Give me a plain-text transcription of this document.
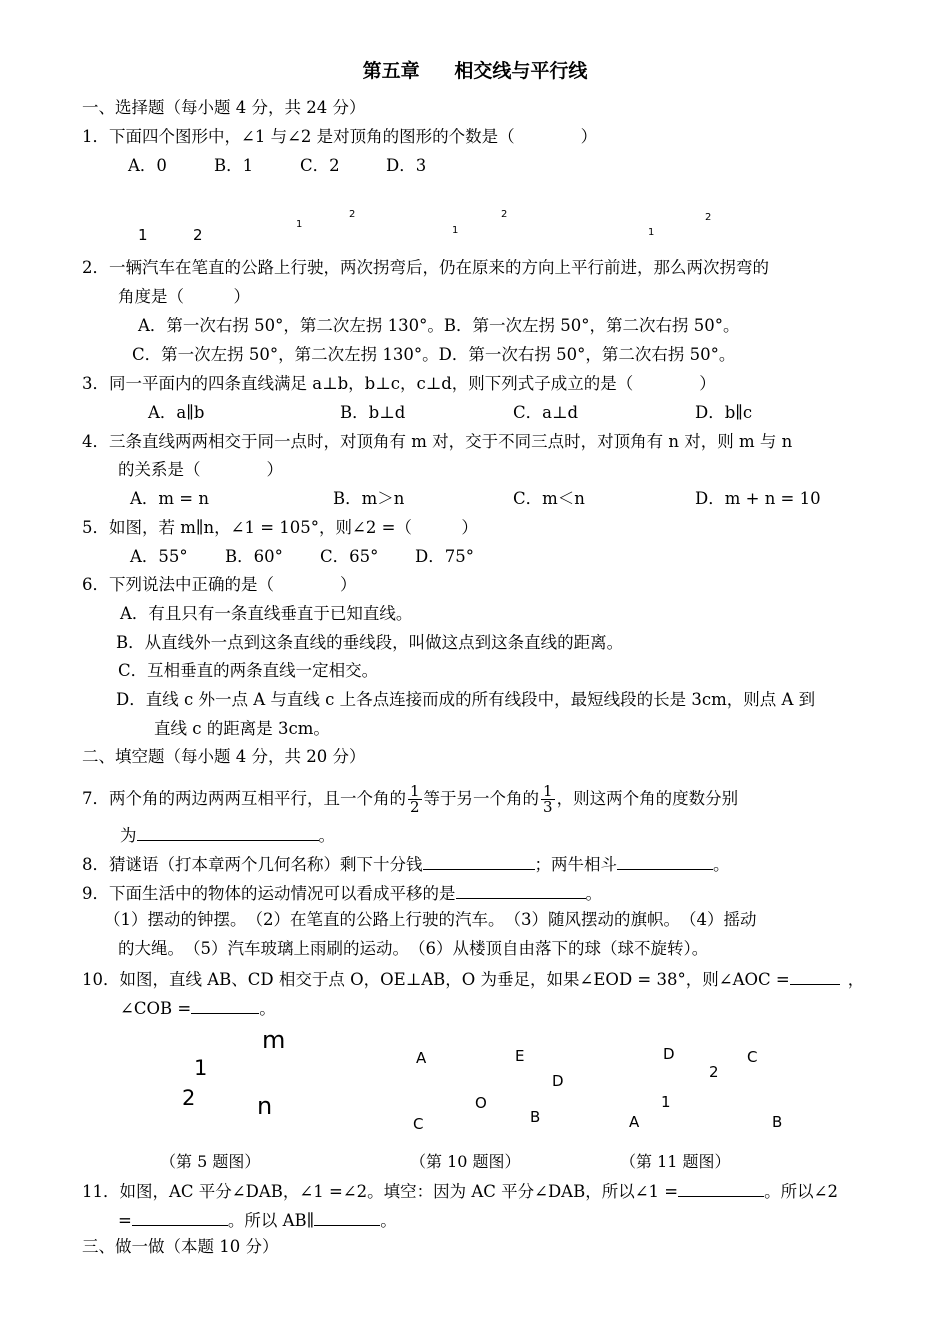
第五章 相交线与平行线
一、选择题（每小题 4 分，共 24 分）
1．下面四个图形中，∠1 与∠2 是对顶角的图形的个数是（　　　　）
A．0	B．1	C．2	D．3
1	2
1
2
1
2
1
2
2．一辆汽车在笔直的公路上行驶，两次拐弯后，仍在原来的方向上平行前进，那么两次拐弯的
角度是（　　　）
A．第一次右拐 50°，第二次左拐 130°。B．第一次左拐 50°，第二次右拐 50°。
C．第一次左拐 50°，第二次左拐 130°。D．第一次右拐 50°，第二次右拐 50°。
3．同一平面内的四条直线满足 a⊥b，b⊥c，c⊥d，则下列式子成立的是（　　　　）
A．a∥b	B．b⊥d	C．a⊥d	D．b∥c
4．三条直线两两相交于同一点时，对顶角有 m 对，交于不同三点时，对顶角有 n 对，则 m 与 n
的关系是（　　　　）
A．m = n	B．m＞n	C．m＜n	D．m + n = 10
5．如图，若 m∥n，∠1 = 105°，则∠2 =（　　　）
A．55° B．60° C．65° D．75°
6．下列说法中正确的是（　　　　）
A．有且只有一条直线垂直于已知直线。
B．从直线外一点到这条直线的垂线段，叫做这点到这条直线的距离。
C．互相垂直的两条直线一定相交。
D．直线 c 外一点 A 与直线 c 上各点连接而成的所有线段中，最短线段的长是 3cm，则点 A 到
直线 c 的距离是 3cm。
二、填空题（每小题 4 分，共 20 分）
7．两个角的两边两两互相平行，且一个角的 $\frac{1}{2}$ 等于另一个角的 $\frac{1}{3}$ ，则这两个角的度数分别
为	。
8．猜谜语（打本章两个几何名称）剩下十分钱	；两牛相斗	。
9．下面生活中的物体的运动情况可以看成平移的是	。
（1）摆动的钟摆。　（2）在笔直的公路上行驶的汽车。　（3）随风摆动的旗帜。　（4）摇动
的大绳。　（5）汽车玻璃上雨刷的运动。　（6）从楼顶自由落下的球（球不旋转）。
10．如图，直线 AB、CD 相交于点 O，OE⊥AB，O 为垂足，如果∠EOD = 38°，则∠AOC =	，
∠COB =	。
m
1
2	n
A	E
D
O
B
C
D	C
2
1
A	B
（第 5 题图）	（第 10 题图）	（第 11 题图）
11．如图，AC 平分∠DAB，∠1 =∠2。填空：因为 AC 平分∠DAB，所以∠1 =	。所以∠2
=	。所以 AB∥	。
三、做一做（本题 10 分）
